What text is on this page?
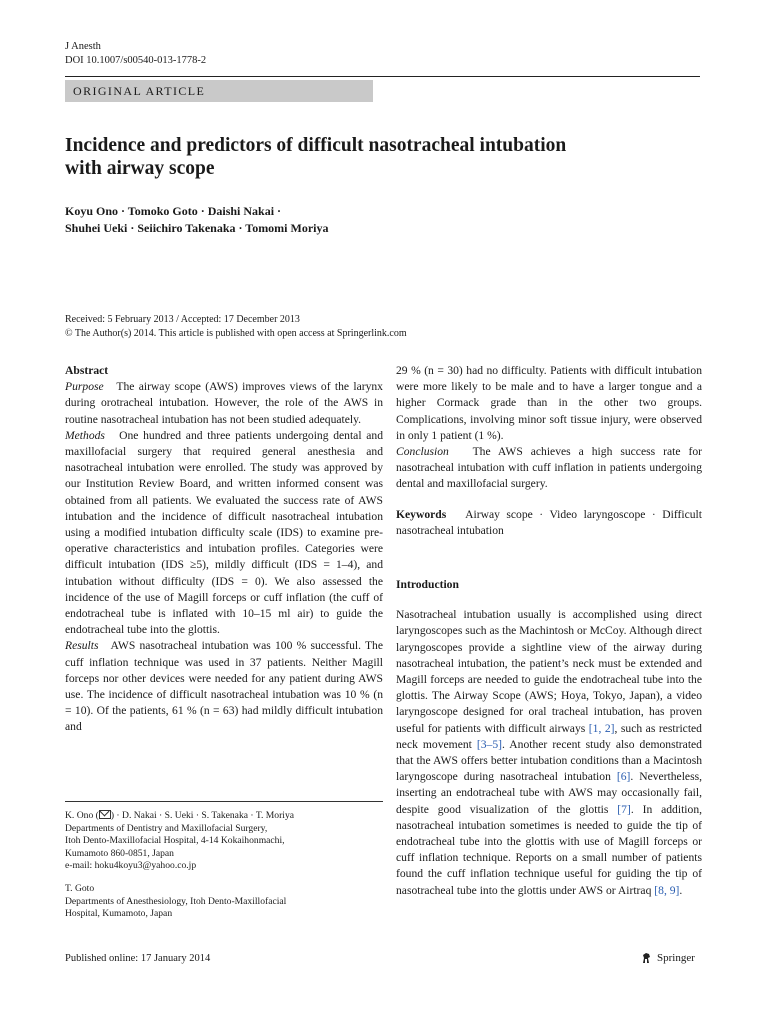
J Anesth
DOI 10.1007/s00540-013-1778-2
ORIGINAL ARTICLE
Incidence and predictors of difficult nasotracheal intubation
with airway scope
Koyu Ono · Tomoko Goto · Daishi Nakai ·
Shuhei Ueki · Seiichiro Takenaka · Tomomi Moriya
Received: 5 February 2013 / Accepted: 17 December 2013
© The Author(s) 2014. This article is published with open access at Springerlink.com

Abstract

Purpose The airway scope (AWS) improves views of the larynx during orotracheal intubation. However, the role of the AWS in routine nasotracheal intubation has not been studied adequately.

Methods One hundred and three patients undergoing dental and maxillofacial surgery that required general anesthesia and nasotracheal intubation were enrolled. The study was approved by our Institution Review Board, and written informed consent was obtained from all patients. We evaluated the success rate of AWS intubation and the incidence of difficult nasotracheal intubation using a modified intubation difficulty scale (IDS) to examine pre-operative characteristics and intubation profiles. Categories were difficult intubation (IDS ≥5), mildly difficult (IDS = 1–4), and intubation without difficulty (IDS = 0). We also assessed the incidence of the use of Magill forceps or cuff inflation (the cuff of endotracheal tube is inflated with 10–15 ml air) to guide the endotracheal tube into the glottis.

Results AWS nasotracheal intubation was 100 % successful. The cuff inflation technique was used in 37 patients. Neither Magill forceps nor other devices were needed for any patient during AWS use. The incidence of difficult nasotracheal intubation was 10 % (n = 10). Of the patients, 61 % (n = 63) had mildly difficult intubation and

29 % (n = 30) had no difficulty. Patients with difficult intubation were more likely to be male and to have a larger tongue and a higher Cormack grade than in the other two groups. Complications, involving minor soft tissue injury, were observed in only 1 patient (1 %).

Conclusion The AWS achieves a high success rate for nasotracheal intubation with cuff inflation in patients undergoing dental and maxillofacial surgery.

Keywords Airway scope · Video laryngoscope · Difficult nasotracheal intubation

Introduction

Nasotracheal intubation usually is accomplished using direct laryngoscopes such as the Machintosh or McCoy. Although direct laryngoscopes provide a sightline view of the airway during nasotracheal intubation, the patient’s neck must be extended and Magill forceps are needed to guide the endotracheal tube into the glottis. The Airway Scope (AWS; Hoya, Tokyo, Japan), a video laryngoscope designed for oral tracheal intubation, has proven useful for patients with difficult airways [1, 2], such as restricted neck movement [3–5]. Another recent study also demonstrated that the AWS offers better intubation conditions than a Macintosh laryngoscope during nasotracheal intubation [6]. Nevertheless, inserting an endotracheal tube with AWS may occasionally fail, despite good visualization of the glottis [7]. In addition, nasotracheal intubation sometimes is needed to guide the tip of endotracheal tube into the glottis with use of Magill forceps or cuff inflation technique. Reports on a small number of patients found the cuff inflation technique useful for guiding the tip of nasotracheal tube into the glottis under AWS or Airtraq [8, 9].

K. Ono ( ) · D. Nakai · S. Ueki · S. Takenaka · T. Moriya

Departments of Dentistry and Maxillofacial Surgery,

Itoh Dento-Maxillofacial Hospital, 4-14 Kokaihonmachi,

Kumamoto 860-0851, Japan

e-mail: hoku4koyu3@yahoo.co.jp

T. Goto

Departments of Anesthesiology, Itoh Dento-Maxillofacial

Hospital, Kumamoto, Japan

Published online: 17 January 2014	Springer
